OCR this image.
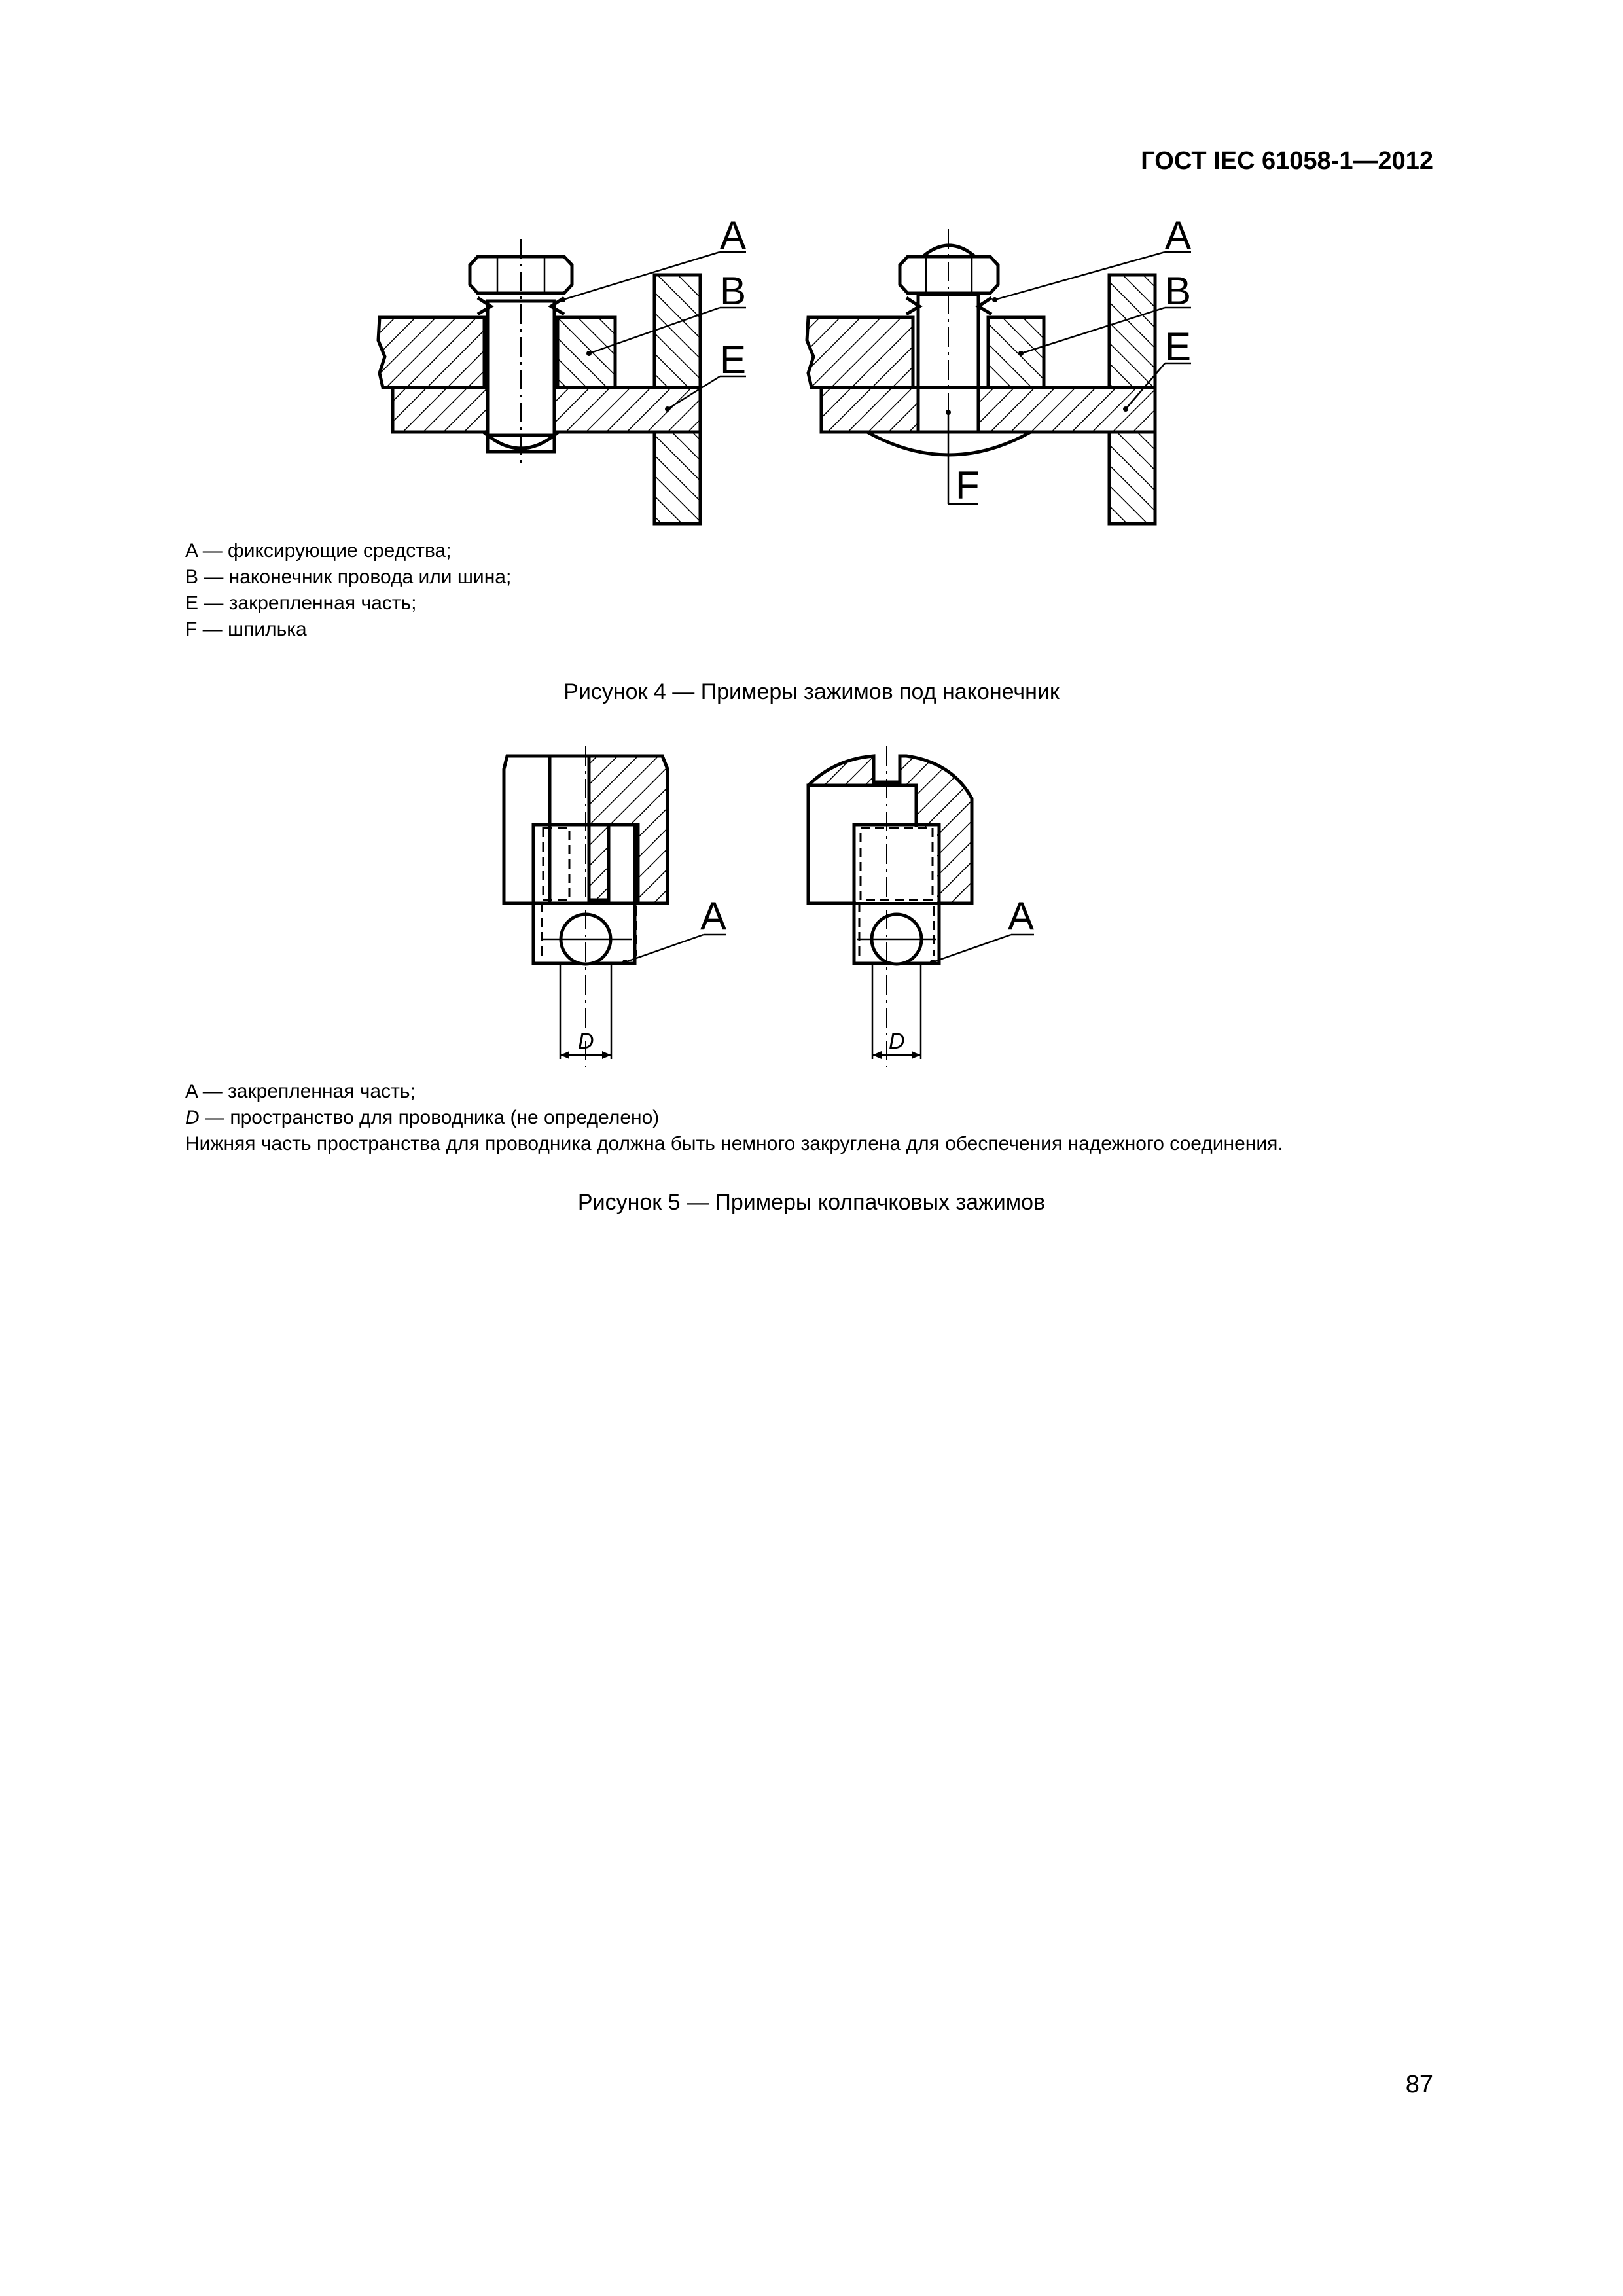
ГОСТ IEC 61058-1—2012
A
B
E
A
B
E
F
A — фиксирующие средства;
B — наконечник провода или шина;
E — закрепленная часть;
F — шпилька
Рисунок 4 — Примеры зажимов под наконечник
D
A
D
A
A — закрепленная часть;
D — пространство для проводника (не определено)
Нижняя часть пространства для проводника должна быть немного закруглена для обеспечения надежного соединения.
Рисунок 5 — Примеры колпачковых зажимов
87
